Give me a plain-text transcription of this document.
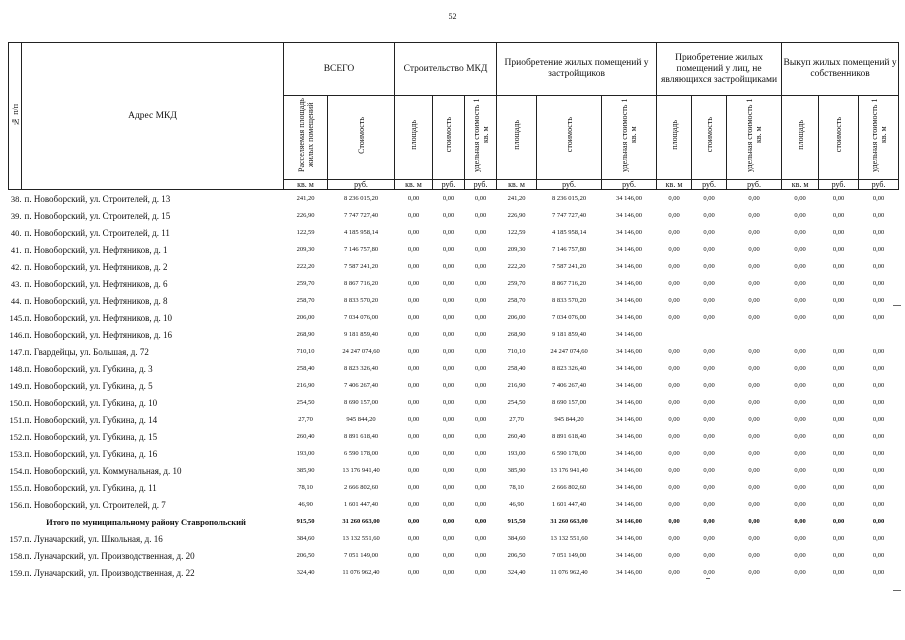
52
№ п/п	Адрес МКД	ВСЕГО		Строительство МКД			Приобретение жилых помещений у застройщиков			Приобретение жилых помещений у лиц, не являющихся застройщиками			Выкуп жилых помещений у собственников		
		Расселяемая площадь жилых помещений	Стоимость	площадь	стоимость	удельная стоимость 1 кв. м	площадь	стоимость	удельная стоимость 1 кв. м	площадь	стоимость	удельная стоимость 1 кв. м	площадь	стоимость	удельная стоимость 1 кв. м
		кв. м	руб.	кв. м	руб.	руб.	кв. м	руб.	руб.	кв. м	руб.	руб.	кв. м	руб.	руб.
38.	п. Новоборский, ул. Строителей, д. 13	241,20	8 236 015,20	0,00	0,00	0,00	241,20	8 236 015,20	34 146,00	0,00	0,00	0,00	0,00	0,00	0,00
39.	п. Новоборский, ул. Строителей, д. 15	226,90	7 747 727,40	0,00	0,00	0,00	226,90	7 747 727,40	34 146,00	0,00	0,00	0,00	0,00	0,00	0,00
40.	п. Новоборский, ул. Строителей, д. 11	122,59	4 185 958,14	0,00	0,00	0,00	122,59	4 185 958,14	34 146,00	0,00	0,00	0,00	0,00	0,00	0,00
41.	п. Новоборский, ул. Нефтяников, д. 1	209,30	7 146 757,80	0,00	0,00	0,00	209,30	7 146 757,80	34 146,00	0,00	0,00	0,00	0,00	0,00	0,00
42.	п. Новоборский, ул. Нефтяников, д. 2	222,20	7 587 241,20	0,00	0,00	0,00	222,20	7 587 241,20	34 146,00	0,00	0,00	0,00	0,00	0,00	0,00
43.	п. Новоборский, ул. Нефтяников, д. 6	259,70	8 867 716,20	0,00	0,00	0,00	259,70	8 867 716,20	34 146,00	0,00	0,00	0,00	0,00	0,00	0,00
44.	п. Новоборский, ул. Нефтяников, д. 8	258,70	8 833 570,20	0,00	0,00	0,00	258,70	8 833 570,20	34 146,00	0,00	0,00	0,00	0,00	0,00	0,00
145.	п. Новоборский, ул. Нефтяников, д. 10	206,00	7 034 076,00	0,00	0,00	0,00	206,00	7 034 076,00	34 146,00	0,00	0,00	0,00	0,00	0,00	0,00
146.	п. Новоборский, ул. Нефтяников, д. 16	268,90	9 181 859,40	0,00	0,00	0,00	268,90	9 181 859,40	34 146,00						
147.	п. Гвардейцы, ул. Большая, д. 72	710,10	24 247 074,60	0,00	0,00	0,00	710,10	24 247 074,60	34 146,00	0,00	0,00	0,00	0,00	0,00	0,00
148.	п. Новоборский, ул. Губкина, д. 3	258,40	8 823 326,40	0,00	0,00	0,00	258,40	8 823 326,40	34 146,00	0,00	0,00	0,00	0,00	0,00	0,00
149.	п. Новоборский, ул. Губкина, д. 5	216,90	7 406 267,40	0,00	0,00	0,00	216,90	7 406 267,40	34 146,00	0,00	0,00	0,00	0,00	0,00	0,00
150.	п. Новоборский, ул. Губкина, д. 10	254,50	8 690 157,00	0,00	0,00	0,00	254,50	8 690 157,00	34 146,00	0,00	0,00	0,00	0,00	0,00	0,00
151.	п. Новоборский, ул. Губкина, д. 14	27,70	945 844,20	0,00	0,00	0,00	27,70	945 844,20	34 146,00	0,00	0,00	0,00	0,00	0,00	0,00
152.	п. Новоборский, ул. Губкина, д. 15	260,40	8 891 618,40	0,00	0,00	0,00	260,40	8 891 618,40	34 146,00	0,00	0,00	0,00	0,00	0,00	0,00
153.	п. Новоборский, ул. Губкина, д. 16	193,00	6 590 178,00	0,00	0,00	0,00	193,00	6 590 178,00	34 146,00	0,00	0,00	0,00	0,00	0,00	0,00
154.	п. Новоборский, ул. Коммунальная, д. 10	385,90	13 176 941,40	0,00	0,00	0,00	385,90	13 176 941,40	34 146,00	0,00	0,00	0,00	0,00	0,00	0,00
155.	п. Новоборский, ул. Губкина, д. 11	78,10	2 666 802,60	0,00	0,00	0,00	78,10	2 666 802,60	34 146,00	0,00	0,00	0,00	0,00	0,00	0,00
156.	п. Новоборский, ул. Строителей, д. 7	46,90	1 601 447,40	0,00	0,00	0,00	46,90	1 601 447,40	34 146,00	0,00	0,00	0,00	0,00	0,00	0,00
Итого по муниципальному району Ставропольский		915,50	31 260 663,00	0,00	0,00	0,00	915,50	31 260 663,00	34 146,00	0,00	0,00	0,00	0,00	0,00	0,00
157.	п. Луначарский, ул. Школьная, д. 16	384,60	13 132 551,60	0,00	0,00	0,00	384,60	13 132 551,60	34 146,00	0,00	0,00	0,00	0,00	0,00	0,00
158.	п. Луначарский, ул. Производственная, д. 20	206,50	7 051 149,00	0,00	0,00	0,00	206,50	7 051 149,00	34 146,00	0,00	0,00	0,00	0,00	0,00	0,00
159.	п. Луначарский, ул. Производственная, д. 22	324,40	11 076 962,40	0,00	0,00	0,00	324,40	11 076 962,40	34 146,00	0,00	0,00	0,00	0,00	0,00	0,00
